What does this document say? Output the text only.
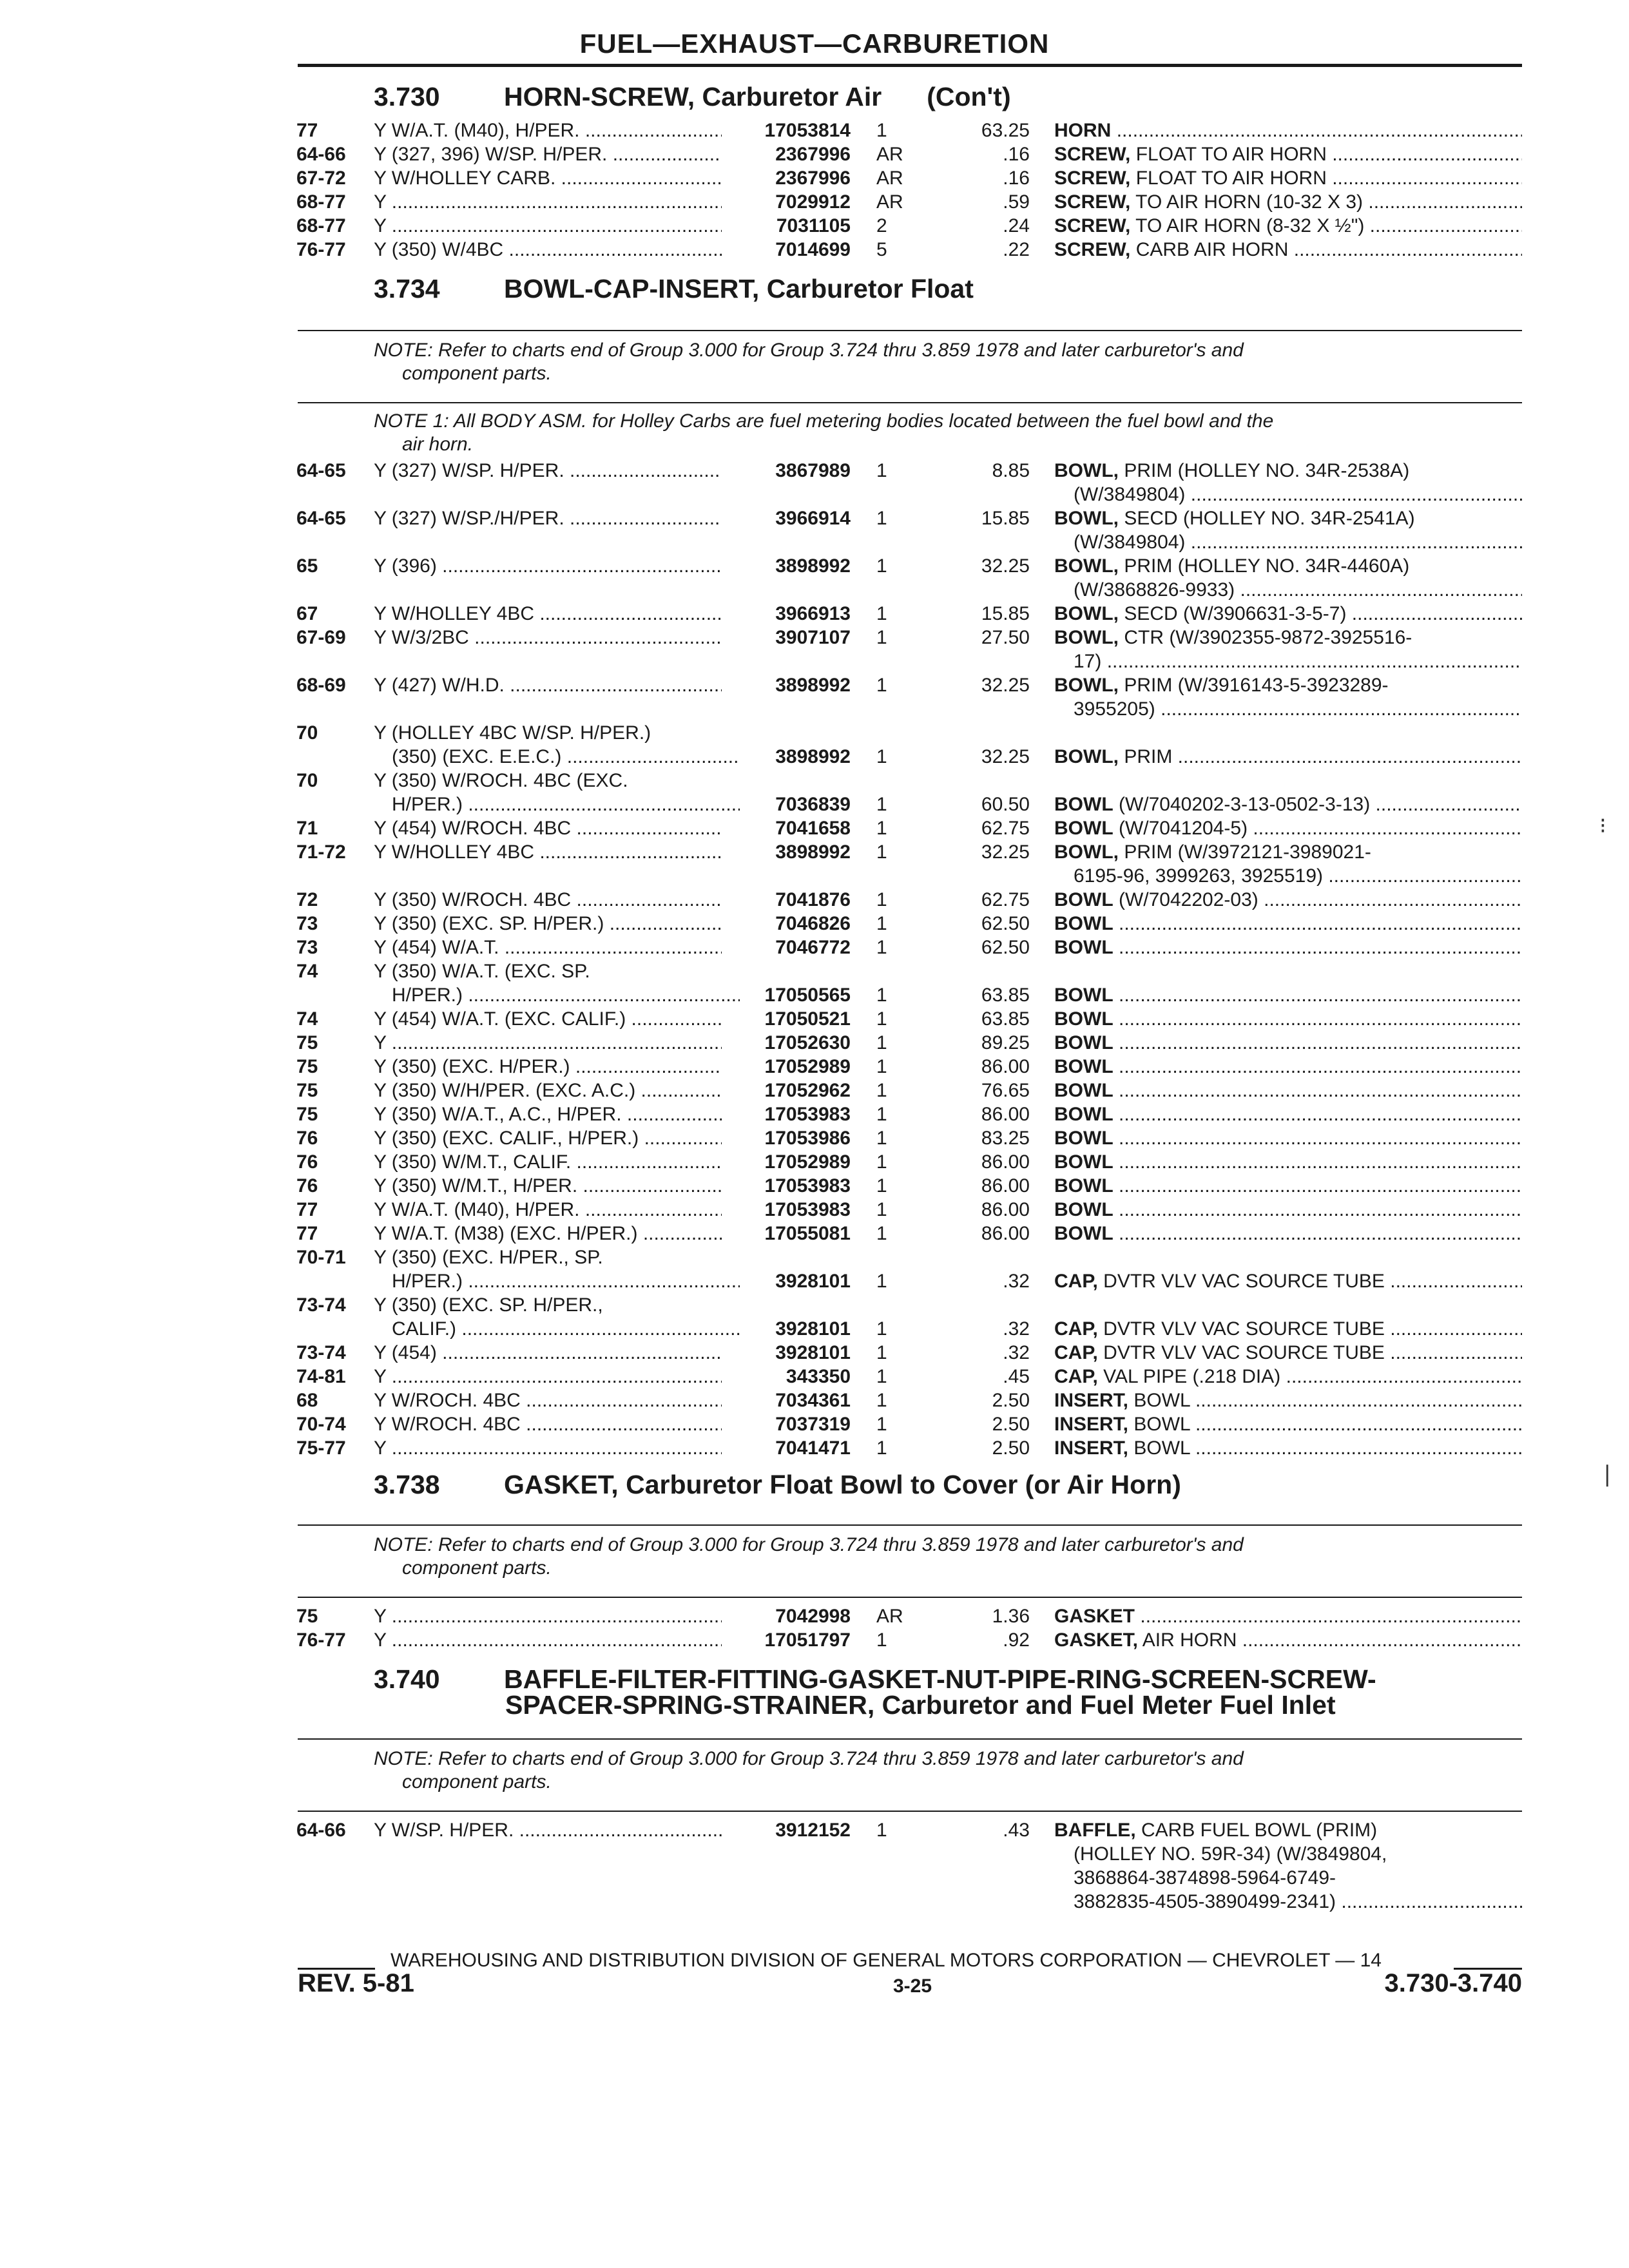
FUEL—EXHAUST—CARBURETION
3.730 HORN-SCREW, Carburetor Air (Con't)
77	Y W/A.T. (M40), H/PER. .....	17053814 1	63.25 HORN .....
64-66 Y (327, 396) W/SP. H/PER. .....	2367996 AR	.16 SCREW, FLOAT TO AIR HORN .....
67-72 Y W/HOLLEY CARB. .....	2367996 AR	.16 SCREW, FLOAT TO AIR HORN .....
68-77 Y .....	7029912 AR	.59 SCREW, TO AIR HORN (10-32 X 3) .....
68-77 Y .....	7031105 2	.24 SCREW, TO AIR HORN (8-32 X ½") .....
76-77 Y (350) W/4BC .....	7014699 5	.22 SCREW, CARB AIR HORN .....
3.734 BOWL-CAP-INSERT, Carburetor Float
NOTE: Refer to charts end of Group 3.000 for Group 3.724 thru 3.859 1978 and later carburetor's and
component parts.
NOTE 1: All BODY ASM. for Holley Carbs are fuel metering bodies located between the fuel bowl and the
air horn.
64-65 Y (327) W/SP. H/PER. .....	3867989 1	8.85 BOWL, PRIM (HOLLEY NO. 34R-2538A)
(W/3849804) .....
64-65 Y (327) W/SP./H/PER. .....	3966914 1	15.85 BOWL, SECD (HOLLEY NO. 34R-2541A)
(W/3849804) .....
65	Y (396) .....	3898992 1	32.25 BOWL, PRIM (HOLLEY NO. 34R-4460A)
(W/3868826-9933) .....
67	Y W/HOLLEY 4BC .....	3966913 1	15.85 BOWL, SECD (W/3906631-3-5-7) .....
67-69 Y W/3/2BC .....	3907107 1	27.50 BOWL, CTR (W/3902355-9872-3925516-
17) .....
68-69 Y (427) W/H.D. .....	3898992 1	32.25 BOWL, PRIM (W/3916143-5-3923289-
3955205) .....
70	Y (HOLLEY 4BC W/SP. H/PER.)
(350) (EXC. E.E.C.) .....	3898992 1	32.25 BOWL, PRIM .....
70	Y (350) W/ROCH. 4BC (EXC.
H/PER.) .....	7036839 1	60.50 BOWL (W/7040202-3-13-0502-3-13) .....
71	Y (454) W/ROCH. 4BC .....	7041658 1	62.75 BOWL (W/7041204-5) .....
71-72 Y W/HOLLEY 4BC .....	3898992 1	32.25 BOWL, PRIM (W/3972121-3989021-
6195-96, 3999263, 3925519) .....
72	Y (350) W/ROCH. 4BC .....	7041876 1	62.75 BOWL (W/7042202-03) .....
73	Y (350) (EXC. SP. H/PER.) .....	7046826 1	62.50 BOWL .....
73	Y (454) W/A.T. .....	7046772 1	62.50 BOWL .....
74	Y (350) W/A.T. (EXC. SP.
H/PER.) .....	17050565 1	63.85 BOWL .....
74	Y (454) W/A.T. (EXC. CALIF.) .....	17050521 1	63.85 BOWL .....
75	Y .....	17052630 1	89.25 BOWL .....
75	Y (350) (EXC. H/PER.) .....	17052989 1	86.00 BOWL .....
75	Y (350) W/H/PER. (EXC. A.C.) .....	17052962 1	76.65 BOWL .....
75	Y (350) W/A.T., A.C., H/PER. .....	17053983 1	86.00 BOWL .....
76	Y (350) (EXC. CALIF., H/PER.) .....	17053986 1	83.25 BOWL .....
76	Y (350) W/M.T., CALIF. .....	17052989 1	86.00 BOWL .....
76	Y (350) W/M.T., H/PER. .....	17053983 1	86.00 BOWL .....
77	Y W/A.T. (M40), H/PER. .....	17053983 1	86.00 BOWL .....
77	Y W/A.T. (M38) (EXC. H/PER.) .....	17055081 1	86.00 BOWL .....
70-71 Y (350) (EXC. H/PER., SP.
H/PER.) .....	3928101 1	.32 CAP, DVTR VLV VAC SOURCE TUBE .....
73-74 Y (350) (EXC. SP. H/PER.,
CALIF.) .....	3928101 1	.32 CAP, DVTR VLV VAC SOURCE TUBE .....
73-74 Y (454) .....	3928101 1	.32 CAP, DVTR VLV VAC SOURCE TUBE .....
74-81 Y .....	343350 1	.45 CAP, VAL PIPE (.218 DIA) .....
68	Y W/ROCH. 4BC .....	7034361 1	2.50 INSERT, BOWL .....
70-74 Y W/ROCH. 4BC .....	7037319 1	2.50 INSERT, BOWL .....
75-77 Y .....	7041471 1	2.50 INSERT, BOWL .....
3.738 GASKET, Carburetor Float Bowl to Cover (or Air Horn)
NOTE: Refer to charts end of Group 3.000 for Group 3.724 thru 3.859 1978 and later carburetor's and
component parts.
75	Y .....	7042998 AR	1.36 GASKET .....
76-77 Y .....	17051797 1	.92 GASKET, AIR HORN .....
3.740 BAFFLE-FILTER-FITTING-GASKET-NUT-PIPE-RING-SCREEN-SCREW-
SPACER-SPRING-STRAINER, Carburetor and Fuel Meter Fuel Inlet
NOTE: Refer to charts end of Group 3.000 for Group 3.724 thru 3.859 1978 and later carburetor's and
component parts.
64-66 Y W/SP. H/PER. .....	3912152 1	.43 BAFFLE, CARB FUEL BOWL (PRIM)
(HOLLEY NO. 59R-34) (W/3849804,
3868864-3874898-5964-6749-
3882835-4505-3890499-2341) .....
WAREHOUSING AND DISTRIBUTION DIVISION OF GENERAL MOTORS CORPORATION — CHEVROLET — 14
REV. 5-81	3-25	3.730-3.740
⁝
❘
